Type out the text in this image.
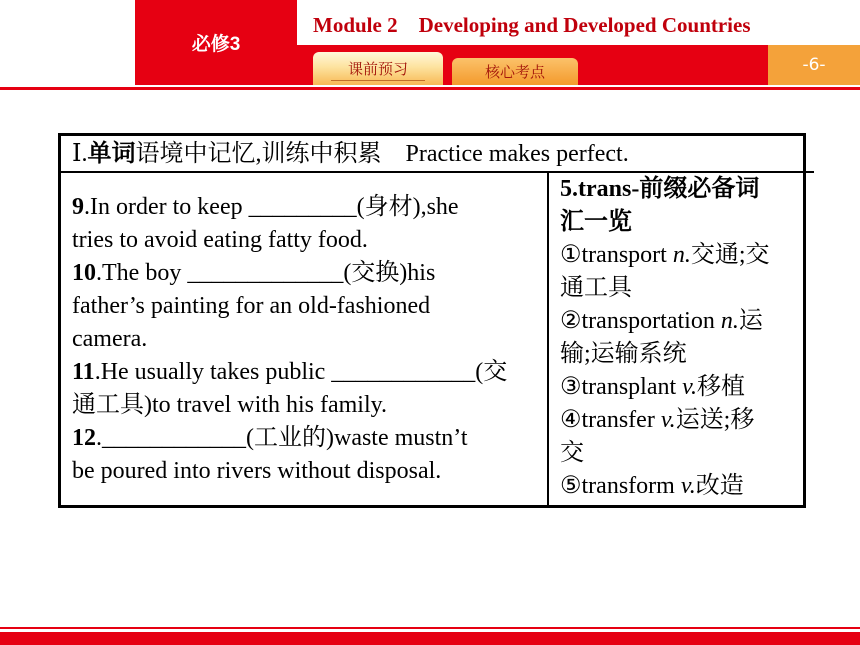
必修3
Module 2    Developing and Developed Countries
课前预习	核心考点	-6-
Ⅰ.单词语境中记忆,训练中积累 Practice makes perfect.
9.In order to keep _________(身材),she
tries to avoid eating fatty food.
10.The boy _____________(交换)his
father’s painting for an old-fashioned
camera.
11.He usually takes public ____________(交
通工具)to travel with his family.
12.____________(工业的)waste mustn’t
be poured into rivers without disposal.
5.trans-前缀必备词
汇一览
①transport n.交通;交
通工具
②transportation n.运
输;运输系统
③transplant v.移植
④transfer v.运送;移
交
⑤transform v.改造
